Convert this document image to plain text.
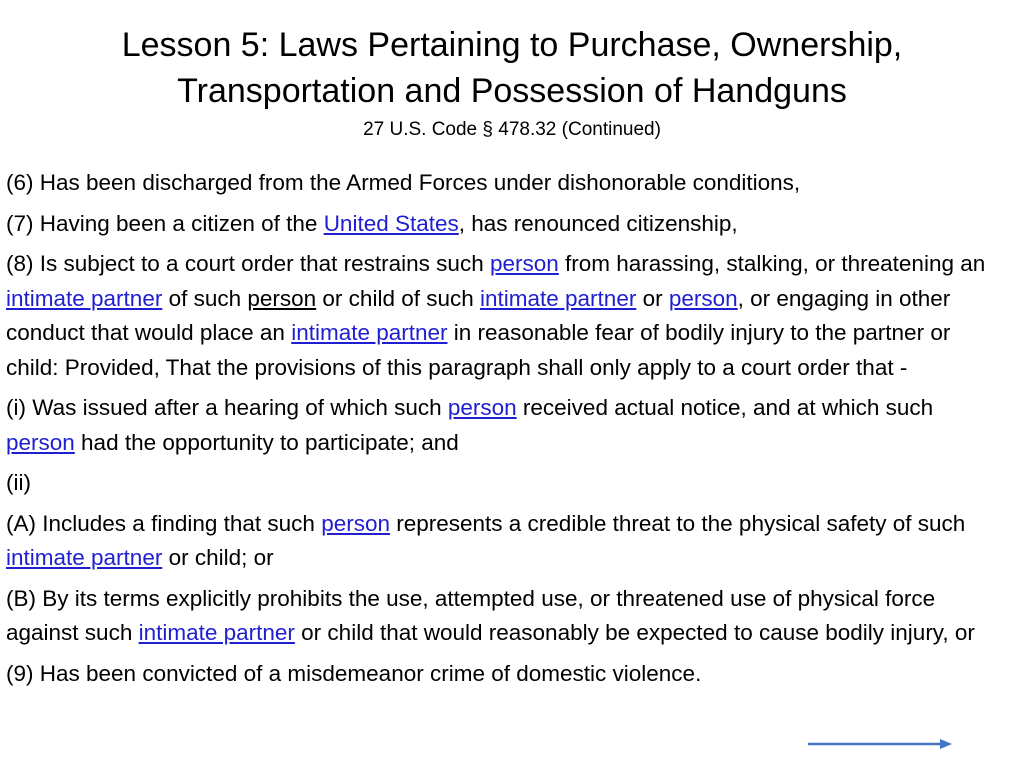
Lesson 5: Laws Pertaining to Purchase, Ownership,
Transportation and Possession of Handguns
27 U.S. Code § 478.32 (Continued)

(6) Has been discharged from the Armed Forces under dishonorable conditions,

(7) Having been a citizen of the United States, has renounced citizenship,

(8) Is subject to a court order that restrains such person from harassing, stalking, or threatening an intimate partner of such person or child of such intimate partner or person, or engaging in other conduct that would place an intimate partner in reasonable fear of bodily injury to the partner or child: Provided, That the provisions of this paragraph shall only apply to a court order that -

(i) Was issued after a hearing of which such person received actual notice, and at which such person had the opportunity to participate; and

(ii)

(A) Includes a finding that such person represents a credible threat to the physical safety of such intimate partner or child; or

(B) By its terms explicitly prohibits the use, attempted use, or threatened use of physical force against such intimate partner or child that would reasonably be expected to cause bodily injury, or

(9) Has been convicted of a misdemeanor crime of domestic violence.
